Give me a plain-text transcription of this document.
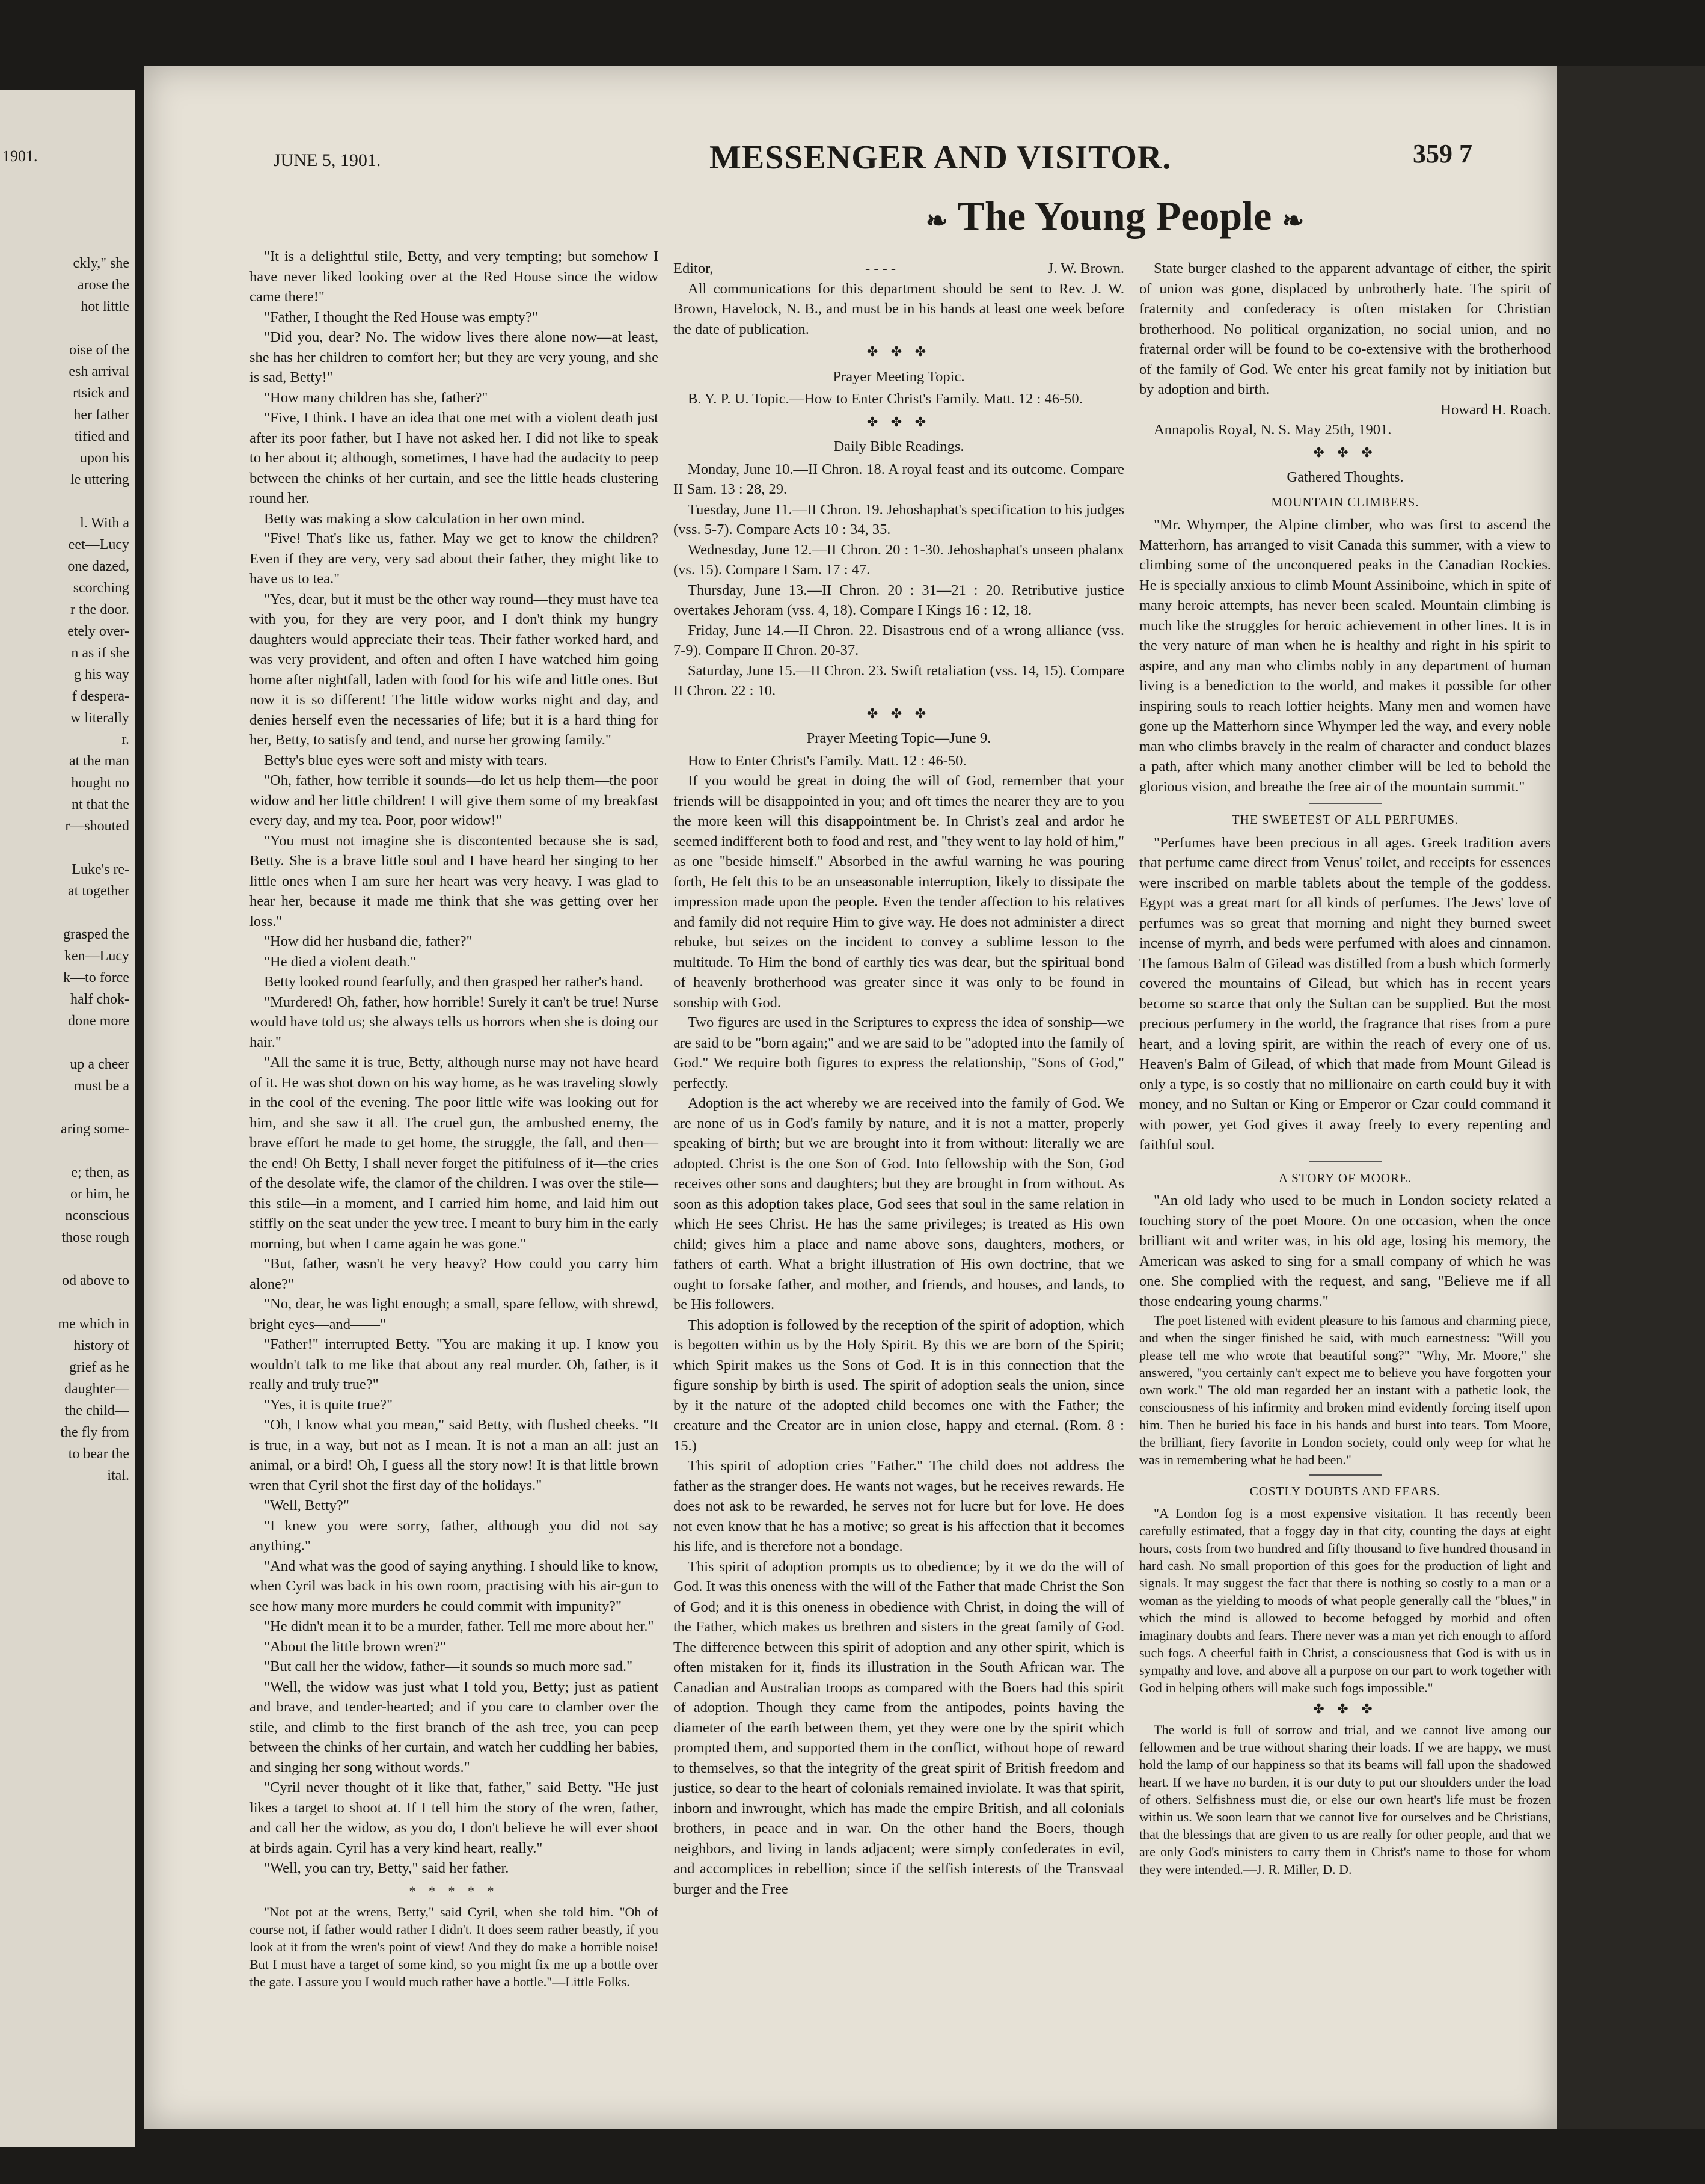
1901.
ckly," she
arose the
hot little

oise of the
esh arrival
rtsick and
her father
tified and
upon his
le uttering

l. With a
eet—Lucy
one dazed,
scorching
r the door.
etely over-
n as if she
g his way
f despera-
w literally
r.
at the man
hought no
nt that the
r—shouted

Luke's re-
at together

grasped the
ken—Lucy
k—to force
half chok-
done more

up a cheer
must be a

aring some-

e; then, as
or him, he
nconscious
those rough

od above to

me which in
history of
grief as he
daughter—
the child—
the fly from
to bear the
ital.
JUNE 5, 1901.	MESSENGER AND VISITOR.	359 7
❧ The Young People ❧

"It is a delightful stile, Betty, and very tempting; but somehow I have never liked looking over at the Red House since the widow came there!"

"Father, I thought the Red House was empty?"

"Did you, dear? No. The widow lives there alone now—at least, she has her children to comfort her; but they are very young, and she is sad, Betty!"

"How many children has she, father?"

"Five, I think. I have an idea that one met with a violent death just after its poor father, but I have not asked her. I did not like to speak to her about it; although, sometimes, I have had the audacity to peep between the chinks of her curtain, and see the little heads clustering round her.

Betty was making a slow calculation in her own mind.

"Five! That's like us, father. May we get to know the children? Even if they are very, very sad about their father, they might like to have us to tea."

"Yes, dear, but it must be the other way round—they must have tea with you, for they are very poor, and I don't think my hungry daughters would appreciate their teas. Their father worked hard, and was very provident, and often and often I have watched him going home after nightfall, laden with food for his wife and little ones. But now it is so different! The little widow works night and day, and denies herself even the necessaries of life; but it is a hard thing for her, Betty, to satisfy and tend, and nurse her growing family."

Betty's blue eyes were soft and misty with tears.

"Oh, father, how terrible it sounds—do let us help them—the poor widow and her little children! I will give them some of my breakfast every day, and my tea. Poor, poor widow!"

"You must not imagine she is discontented because she is sad, Betty. She is a brave little soul and I have heard her singing to her little ones when I am sure her heart was very heavy. I was glad to hear her, because it made me think that she was getting over her loss."

"How did her husband die, father?"

"He died a violent death."

Betty looked round fearfully, and then grasped her rather's hand.

"Murdered! Oh, father, how horrible! Surely it can't be true! Nurse would have told us; she always tells us horrors when she is doing our hair."

"All the same it is true, Betty, although nurse may not have heard of it. He was shot down on his way home, as he was traveling slowly in the cool of the evening. The poor little wife was looking out for him, and she saw it all. The cruel gun, the ambushed enemy, the brave effort he made to get home, the struggle, the fall, and then—the end! Oh Betty, I shall never forget the pitifulness of it—the cries of the desolate wife, the clamor of the children. I was over the stile—this stile—in a moment, and I carried him home, and laid him out stiffly on the seat under the yew tree. I meant to bury him in the early morning, but when I came again he was gone."

"But, father, wasn't he very heavy? How could you carry him alone?"

"No, dear, he was light enough; a small, spare fellow, with shrewd, bright eyes—and——"

"Father!" interrupted Betty. "You are making it up. I know you wouldn't talk to me like that about any real murder. Oh, father, is it really and truly true?"

"Yes, it is quite true?"

"Oh, I know what you mean," said Betty, with flushed cheeks. "It is true, in a way, but not as I mean. It is not a man an all: just an animal, or a bird! Oh, I guess all the story now! It is that little brown wren that Cyril shot the first day of the holidays."

"Well, Betty?"

"I knew you were sorry, father, although you did not say anything."

"And what was the good of saying anything. I should like to know, when Cyril was back in his own room, practising with his air-gun to see how many more murders he could commit with impunity?"

"He didn't mean it to be a murder, father. Tell me more about her."

"About the little brown wren?"

"But call her the widow, father—it sounds so much more sad."

"Well, the widow was just what I told you, Betty; just as patient and brave, and tender-hearted; and if you care to clamber over the stile, and climb to the first branch of the ash tree, you can peep between the chinks of her curtain, and watch her cuddling her babies, and singing her song without words."

"Cyril never thought of it like that, father," said Betty. "He just likes a target to shoot at. If I tell him the story of the wren, father, and call her the widow, as you do, I don't believe he will ever shoot at birds again. Cyril has a very kind heart, really."

"Well, you can try, Betty," said her father.

* * * * *

"Not pot at the wrens, Betty," said Cyril, when she told him. "Oh of course not, if father would rather I didn't. It does seem rather beastly, if you look at it from the wren's point of view! And they do make a horrible noise! But I must have a target of some kind, so you might fix me up a bottle over the gate. I assure you I would much rather have a bottle."—Little Folks.

Editor,	- - - -	J. W. Brown.

All communications for this department should be sent to Rev. J. W. Brown, Havelock, N. B., and must be in his hands at least one week before the date of publication.

✤ ✤ ✤

Prayer Meeting Topic.

B. Y. P. U. Topic.—How to Enter Christ's Family. Matt. 12 : 46-50.

✤ ✤ ✤

Daily Bible Readings.

Monday, June 10.—II Chron. 18. A royal feast and its outcome. Compare II Sam. 13 : 28, 29.

Tuesday, June 11.—II Chron. 19. Jehoshaphat's specification to his judges (vss. 5-7). Compare Acts 10 : 34, 35.

Wednesday, June 12.—II Chron. 20 : 1-30. Jehoshaphat's unseen phalanx (vs. 15). Compare I Sam. 17 : 47.

Thursday, June 13.—II Chron. 20 : 31—21 : 20. Retributive justice overtakes Jehoram (vss. 4, 18). Compare I Kings 16 : 12, 18.

Friday, June 14.—II Chron. 22. Disastrous end of a wrong alliance (vss. 7-9). Compare II Chron. 20-37.

Saturday, June 15.—II Chron. 23. Swift retaliation (vss. 14, 15). Compare II Chron. 22 : 10.

✤ ✤ ✤

Prayer Meeting Topic—June 9.

How to Enter Christ's Family. Matt. 12 : 46-50.

If you would be great in doing the will of God, remember that your friends will be disappointed in you; and oft times the nearer they are to you the more keen will this disappointment be. In Christ's zeal and ardor he seemed indifferent both to food and rest, and "they went to lay hold of him," as one "beside himself." Absorbed in the awful warning he was pouring forth, He felt this to be an unseasonable interruption, likely to dissipate the impression made upon the people. Even the tender affection to his relatives and family did not require Him to give way. He does not administer a direct rebuke, but seizes on the incident to convey a sublime lesson to the multitude. To Him the bond of earthly ties was dear, but the spiritual bond of heavenly brotherhood was greater since it was only to be found in sonship with God.

Two figures are used in the Scriptures to express the idea of sonship—we are said to be "born again;" and we are said to be "adopted into the family of God." We require both figures to express the relationship, "Sons of God," perfectly.

Adoption is the act whereby we are received into the family of God. We are none of us in God's family by nature, and it is not a matter, properly speaking of birth; but we are brought into it from without: literally we are adopted. Christ is the one Son of God. Into fellowship with the Son, God receives other sons and daughters; but they are brought in from without. As soon as this adoption takes place, God sees that soul in the same relation in which He sees Christ. He has the same privileges; is treated as His own child; gives him a place and name above sons, daughters, mothers, or fathers of earth. What a bright illustration of His own doctrine, that we ought to forsake father, and mother, and friends, and houses, and lands, to be His followers.

This adoption is followed by the reception of the spirit of adoption, which is begotten within us by the Holy Spirit. By this we are born of the Spirit; which Spirit makes us the Sons of God. It is in this connection that the figure sonship by birth is used. The spirit of adoption seals the union, since by it the nature of the adopted child becomes one with the Father; the creature and the Creator are in union close, happy and eternal. (Rom. 8 : 15.)

This spirit of adoption cries "Father." The child does not address the father as the stranger does. He wants not wages, but he receives rewards. He does not ask to be rewarded, he serves not for lucre but for love. He does not even know that he has a motive; so great is his affection that it becomes his life, and is therefore not a bondage.

This spirit of adoption prompts us to obedience; by it we do the will of God. It was this oneness with the will of the Father that made Christ the Son of God; and it is this oneness in obedience with Christ, in doing the will of the Father, which makes us brethren and sisters in the great family of God. The difference between this spirit of adoption and any other spirit, which is often mistaken for it, finds its illustration in the South African war. The Canadian and Australian troops as compared with the Boers had this spirit of adoption. Though they came from the antipodes, points having the diameter of the earth between them, yet they were one by the spirit which prompted them, and supported them in the conflict, without hope of reward to themselves, so that the integrity of the great spirit of British freedom and justice, so dear to the heart of colonials remained inviolate. It was that spirit, inborn and inwrought, which has made the empire British, and all colonials brothers, in peace and in war. On the other hand the Boers, though neighbors, and living in lands adjacent; were simply confederates in evil, and accomplices in rebellion; since if the selfish interests of the Transvaal burger and the Free

State burger clashed to the apparent advantage of either, the spirit of union was gone, displaced by unbrotherly hate. The spirit of fraternity and confederacy is often mistaken for Christian brotherhood. No political organization, no social union, and no fraternal order will be found to be co-extensive with the brotherhood of the family of God. We enter his great family not by initiation but by adoption and birth.

Howard H. Roach.

Annapolis Royal, N. S. May 25th, 1901.

✤ ✤ ✤

Gathered Thoughts.

MOUNTAIN CLIMBERS.

"Mr. Whymper, the Alpine climber, who was first to ascend the Matterhorn, has arranged to visit Canada this summer, with a view to climbing some of the unconquered peaks in the Canadian Rockies. He is specially anxious to climb Mount Assiniboine, which in spite of many heroic attempts, has never been scaled. Mountain climbing is much like the struggles for heroic achievement in other lines. It is in the very nature of man when he is healthy and right in his spirit to aspire, and any man who climbs nobly in any department of human living is a benediction to the world, and makes it possible for other inspiring souls to reach loftier heights. Many men and women have gone up the Matterhorn since Whymper led the way, and every noble man who climbs bravely in the realm of character and conduct blazes a path, after which many another climber will be led to behold the glorious vision, and breathe the free air of the mountain summit."

THE SWEETEST OF ALL PERFUMES.

"Perfumes have been precious in all ages. Greek tradition avers that perfume came direct from Venus' toilet, and receipts for essences were inscribed on marble tablets about the temple of the goddess. Egypt was a great mart for all kinds of perfumes. The Jews' love of perfumes was so great that morning and night they burned sweet incense of myrrh, and beds were perfumed with aloes and cinnamon. The famous Balm of Gilead was distilled from a bush which formerly covered the mountains of Gilead, but which has in recent years become so scarce that only the Sultan can be supplied. But the most precious perfumery in the world, the fragrance that rises from a pure heart, and a loving spirit, are within the reach of every one of us. Heaven's Balm of Gilead, of which that made from Mount Gilead is only a type, is so costly that no millionaire on earth could buy it with money, and no Sultan or King or Emperor or Czar could command it with power, yet God gives it away freely to every repenting and faithful soul.

A STORY OF MOORE.

"An old lady who used to be much in London society related a touching story of the poet Moore. On one occasion, when the once brilliant wit and writer was, in his old age, losing his memory, the American was asked to sing for a small company of which he was one. She complied with the request, and sang, "Believe me if all those endearing young charms."

The poet listened with evident pleasure to his famous and charming piece, and when the singer finished he said, with much earnestness: "Will you please tell me who wrote that beautiful song?" "Why, Mr. Moore," she answered, "you certainly can't expect me to believe you have forgotten your own work." The old man regarded her an instant with a pathetic look, the consciousness of his infirmity and broken mind evidently forcing itself upon him. Then he buried his face in his hands and burst into tears. Tom Moore, the brilliant, fiery favorite in London society, could only weep for what he was in remembering what he had been."

COSTLY DOUBTS AND FEARS.

"A London fog is a most expensive visitation. It has recently been carefully estimated, that a foggy day in that city, counting the days at eight hours, costs from two hundred and fifty thousand to five hundred thousand in hard cash. No small proportion of this goes for the production of light and signals. It may suggest the fact that there is nothing so costly to a man or a woman as the yielding to moods of what people generally call the "blues," in which the mind is allowed to become befogged by morbid and often imaginary doubts and fears. There never was a man yet rich enough to afford such fogs. A cheerful faith in Christ, a consciousness that God is with us in sympathy and love, and above all a purpose on our part to work together with God in helping others will make such fogs impossible."

✤ ✤ ✤

The world is full of sorrow and trial, and we cannot live among our fellowmen and be true without sharing their loads. If we are happy, we must hold the lamp of our happiness so that its beams will fall upon the shadowed heart. If we have no burden, it is our duty to put our shoulders under the load of others. Selfishness must die, or else our own heart's life must be frozen within us. We soon learn that we cannot live for ourselves and be Christians, that the blessings that are given to us are really for other people, and that we are only God's ministers to carry them in Christ's name to those for whom they were intended.—J. R. Miller, D. D.
